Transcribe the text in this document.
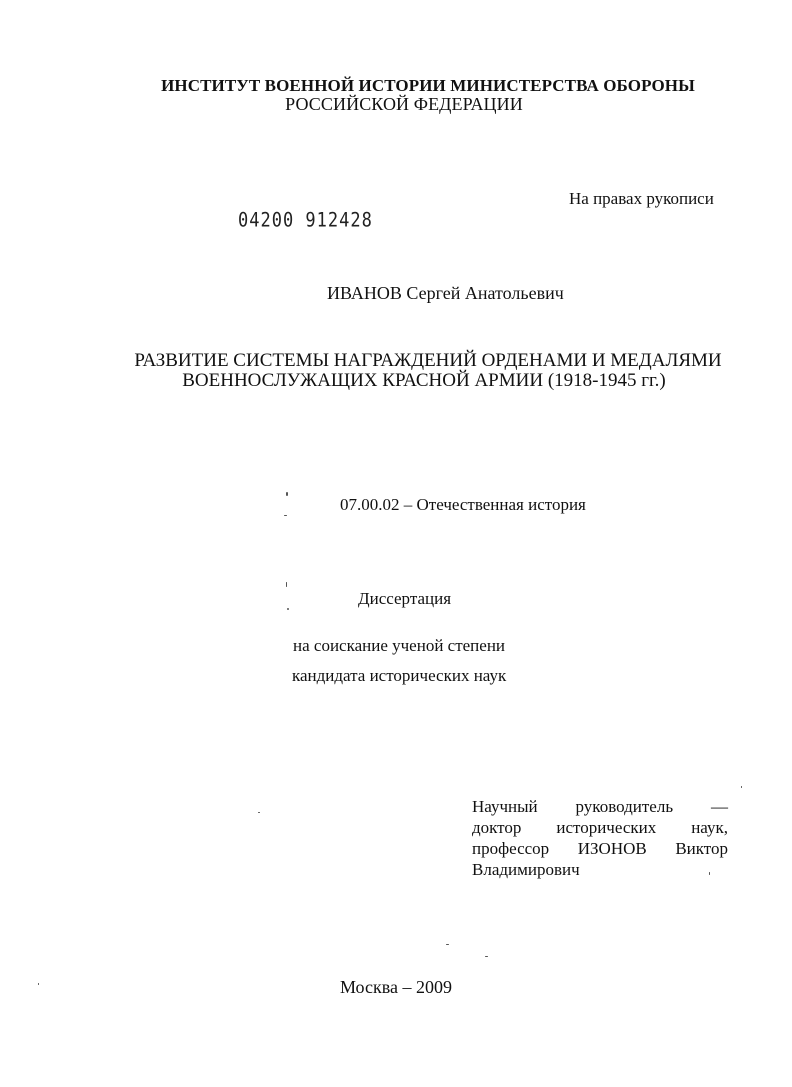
ИНСТИТУТ ВОЕННОЙ ИСТОРИИ МИНИСТЕРСТВА ОБОРОНЫ
РОССИЙСКОЙ ФЕДЕРАЦИИ
На правах рукописи
04200 912428
ИВАНОВ Сергей Анатольевич
РАЗВИТИЕ СИСТЕМЫ НАГРАЖДЕНИЙ ОРДЕНАМИ И МЕДАЛЯМИ
ВОЕННОСЛУЖАЩИХ КРАСНОЙ АРМИИ (1918-1945 гг.)
07.00.02 – Отечественная история
Диссертация
на соискание ученой степени
кандидата исторических наук
Научный руководитель —
доктор исторических наук,
профессор ИЗОНОВ Виктор
Владимирович
Москва – 2009
